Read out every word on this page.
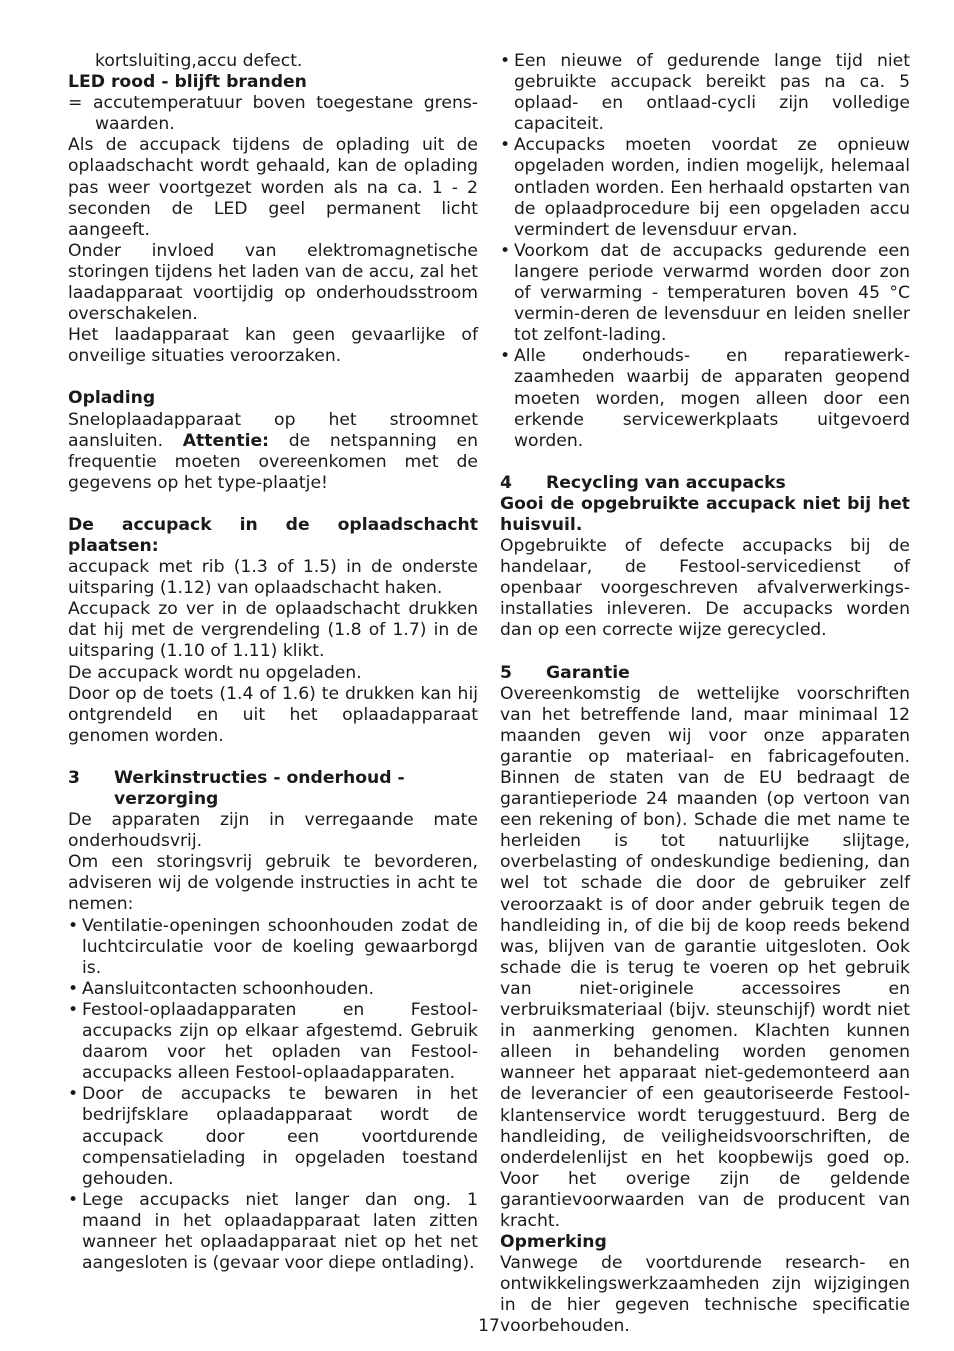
kortsluiting,accu defect.

LED rood - blijft branden

= accutemperatuur boven toegestane grens-waarden.

Als de accupack tijdens de oplading uit de oplaadschacht wordt gehaald, kan de oplading pas weer voortgezet worden als na ca. 1 - 2 seconden de LED geel permanent licht aangeeft.

Onder invloed van elektromagnetische storingen tijdens het laden van de accu, zal het laadapparaat voortijdig op onderhoudsstroom overschakelen.

Het laadapparaat kan geen gevaarlijke of onveilige situaties veroorzaken.

Oplading

Sneloplaadapparaat op het stroomnet aansluiten. Attentie: de netspanning en frequentie moeten overeenkomen met de gegevens op het type-plaatje!

De accupack in de oplaadschacht plaatsen:

accupack met rib (1.3 of 1.5) in de onderste uitsparing (1.12) van oplaadschacht haken.

Accupack zo ver in de oplaadschacht drukken dat hij met de vergrendeling (1.8 of 1.7) in de uitsparing (1.10 of 1.11) klikt.

De accupack wordt nu opgeladen.

Door op de toets (1.4 of 1.6) te drukken kan hij ontgrendeld en uit het oplaadapparaat genomen worden.

3	Werkinstructies - onderhoud - verzorging

De apparaten zijn in verregaande mate onderhoudsvrij.

Om een storingsvrij gebruik te bevorderen, adviseren wij de volgende instructies in acht te nemen:

• Ventilatie-openingen schoonhouden zodat de luchtcirculatie voor de koeling gewaarborgd is.
• Aansluitcontacten schoonhouden.
• Festool-oplaadapparaten en Festool-accupacks zijn op elkaar afgestemd. Gebruik daarom voor het opladen van Festool-accupacks alleen Festool-oplaadapparaten.
• Door de accupacks te bewaren in het bedrijfsklare oplaadapparaat wordt de accupack door een voortdurende compensatielading in opgeladen toestand gehouden.
• Lege accupacks niet langer dan ong. 1 maand in het oplaadapparaat laten zitten wanneer het oplaadapparaat niet op het net aangesloten is (gevaar voor diepe ontlading).
• Een nieuwe of gedurende lange tijd niet gebruikte accupack bereikt pas na ca. 5 oplaad- en ontlaad-cycli zijn volledige capaciteit.
• Accupacks moeten voordat ze opnieuw opgeladen worden, indien mogelijk, helemaal ontladen worden. Een herhaald opstarten van de oplaadprocedure bij een opgeladen accu vermindert de levensduur ervan.
• Voorkom dat de accupacks gedurende een langere periode verwarmd worden door zon of verwarming - temperaturen boven 45 °C vermin-deren de levensduur en leiden sneller tot zelfont-lading.
• Alle onderhouds- en reparatiewerk-zaamheden waarbij de apparaten geopend moeten worden, mogen alleen door een erkende servicewerkplaats uitgevoerd worden.
4	Recycling van accupacks

Gooi de opgebruikte accupack niet bij het huisvuil.

Opgebruikte of defecte accupacks bij de handelaar, de Festool-servicedienst of openbaar voorgeschreven afvalverwerkings-installaties inleveren. De accupacks worden dan op een correcte wijze gerecycled.

5	Garantie

Overeenkomstig de wettelijke voorschriften van het betreffende land, maar minimaal 12 maanden geven wij voor onze apparaten garantie op materiaal- en fabricagefouten. Binnen de staten van de EU bedraagt de garantieperiode 24 maanden (op vertoon van een rekening of bon). Schade die met name te herleiden is tot natuurlijke slijtage, overbelasting of ondeskundige bediening, dan wel tot schade die door de gebruiker zelf veroorzaakt is of door ander gebruik tegen de handleiding in, of die bij de koop reeds bekend was, blijven van de garantie uitgesloten. Ook schade die is terug te voeren op het gebruik van niet-originele accessoires en verbruiksmateriaal (bijv. steunschijf) wordt niet in aanmerking genomen. Klachten kunnen alleen in behandeling worden genomen wanneer het apparaat niet-gedemonteerd aan de leverancier of een geautoriseerde Festool-klantenservice wordt teruggestuurd. Berg de handleiding, de veiligheidsvoorschriften, de onderdelenlijst en het koopbewijs goed op. Voor het overige zijn de geldende garantievoorwaarden van de producent van kracht.

Opmerking

Vanwege de voortdurende research- en ontwikkelingswerkzaamheden zijn wijzigingen in de hier gegeven technische specificatie voorbehouden.

17
